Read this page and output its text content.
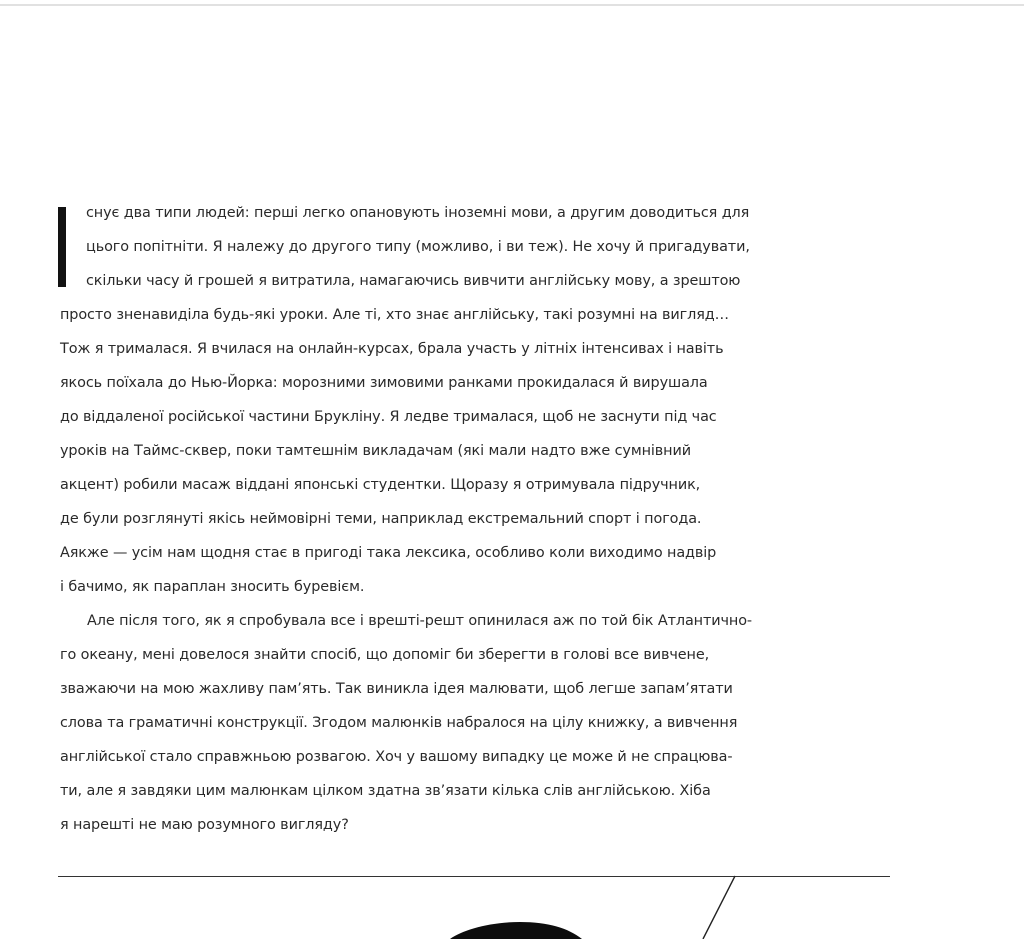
снує два типи людей: перші легко опановують іноземні мови, а другим доводиться для
цього попітніти. Я належу до другого типу (можливо, і ви теж). Не хочу й пригадувати,
скільки часу й грошей я витратила, намагаючись вивчити англійську мову, а зрештою
просто зненавиділа будь-які уроки. Але ті, хто знає англійську, такі розумні на вигляд…
Тож я трималася. Я вчилася на онлайн-курсах, брала участь у літніх інтенсивах і навіть
якось поїхала до Нью-Йорка: морозними зимовими ранками прокидалася й вирушала
до віддаленої російської частини Брукліну. Я ледве трималася, щоб не заснути під час
уроків на Таймс-сквер, поки тамтешнім викладачам (які мали надто вже сумнівний
акцент) робили масаж віддані японські студентки. Щоразу я отримувала підручник,
де були розглянуті якісь неймовірні теми, наприклад екстремальний спорт і погода.
Аякже — усім нам щодня стає в пригоді така лексика, особливо коли виходимо надвір
і бачимо, як параплан зносить буревієм.
Але після того, як я спробувала все і врешті-решт опинилася аж по той бік Атлантично-
го океану, мені довелося знайти спосіб, що допоміг би зберегти в голові все вивчене,
зважаючи на мою жахливу пам’ять. Так виникла ідея малювати, щоб легше запам’ятати
слова та граматичні конструкції. Згодом малюнків набралося на цілу книжку, а вивчення
англійської стало справжньою розвагою. Хоч у вашому випадку це може й не спрацюва-
ти, але я завдяки цим малюнкам цілком здатна зв’язати кілька слів англійською. Хіба
я нарешті не маю розумного вигляду?
